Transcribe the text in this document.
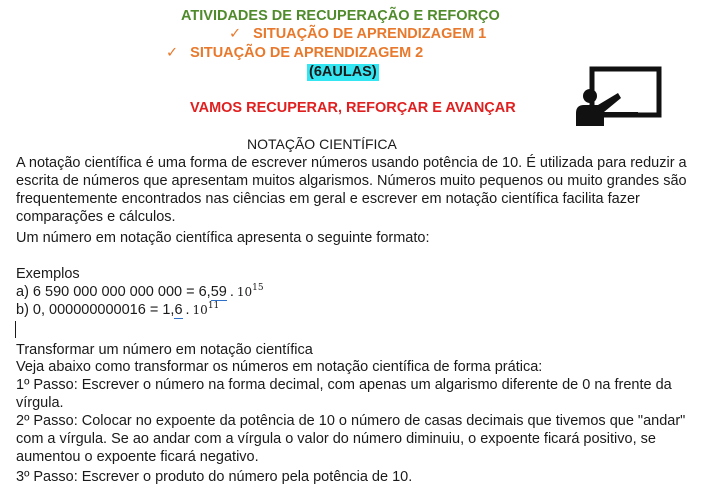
ATIVIDADES DE RECUPERAÇÃO E REFORÇO
✓ SITUAÇÃO DE APRENDIZAGEM 1
✓ SITUAÇÃO DE APRENDIZAGEM 2
(6AULAS)
VAMOS RECUPERAR, REFORÇAR E AVANÇAR
NOTAÇÃO CIENTÍFICA
A notação científica é uma forma de escrever números usando potência de 10. É utilizada para reduzir a escrita de números que apresentam muitos algarismos. Números muito pequenos ou muito grandes são frequentemente encontrados nas ciências em geral e escrever em notação científica facilita fazer comparações e cálculos.
Um número em notação científica apresenta o seguinte formato:
Exemplos
a) 6 590 000 000 000 000 = 6,59 . $10^{15}$
b) 0, 000000000016 = 1,6 . $10^{11}$
Transformar um número em notação científica
Veja abaixo como transformar os números em notação científica de forma prática:
1º Passo: Escrever o número na forma decimal, com apenas um algarismo diferente de 0 na frente da vírgula.
2º Passo: Colocar no expoente da potência de 10 o número de casas decimais que tivemos que "andar" com a vírgula. Se ao andar com a vírgula o valor do número diminuiu, o expoente ficará positivo, se aumentou o expoente ficará negativo.
3º Passo: Escrever o produto do número pela potência de 10.
